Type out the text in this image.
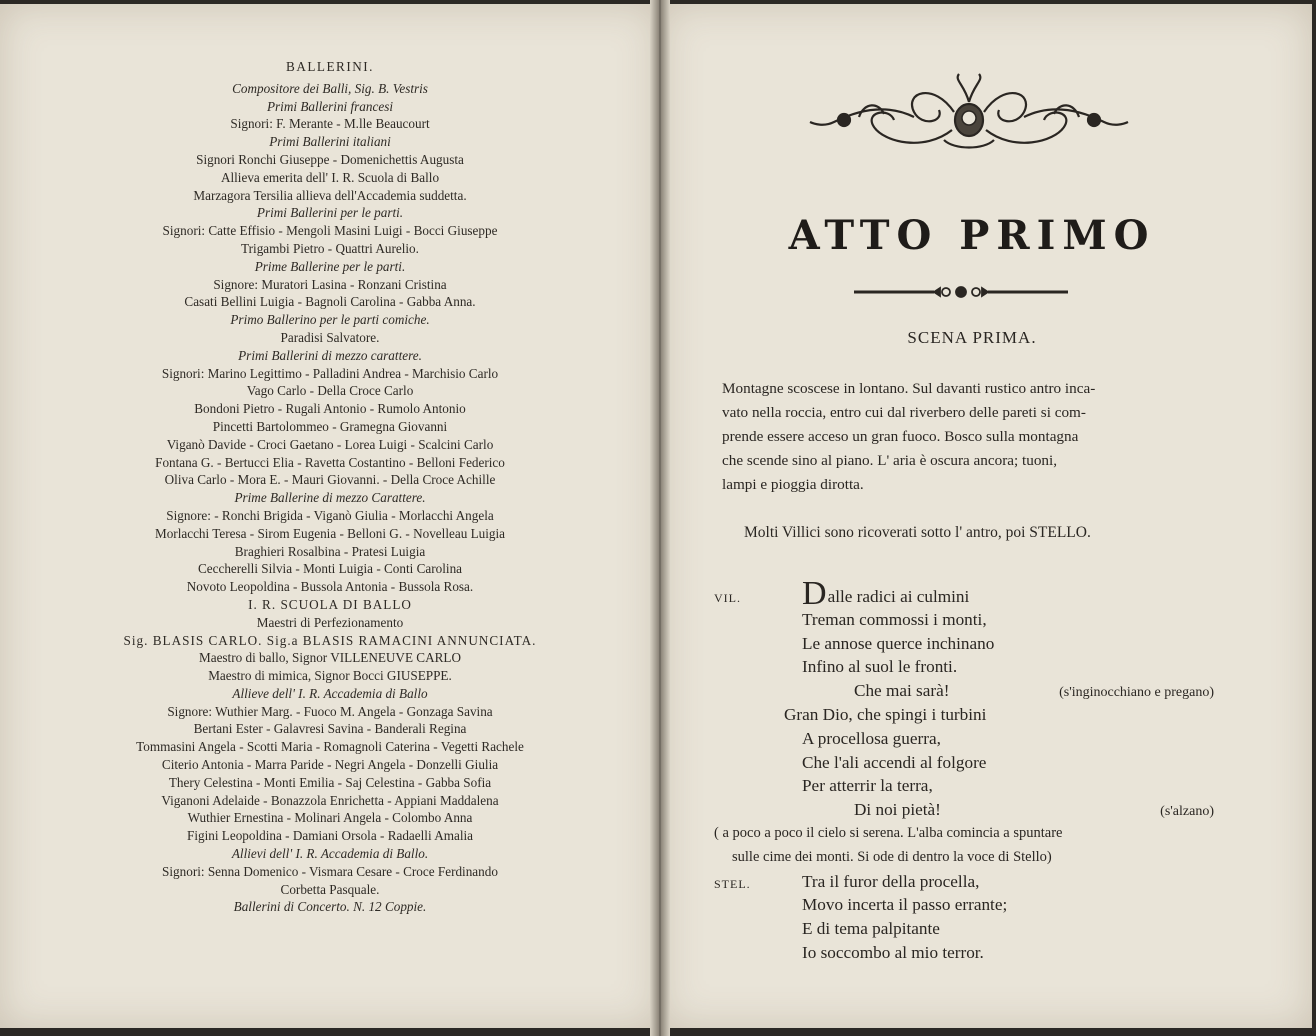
BALLERINI.
Compositore dei Balli, Sig. B. Vestris
Primi Ballerini francesi
Signori: F. Merante - M.lle Beaucourt
Primi Ballerini italiani
Signori Ronchi Giuseppe - Domenichettis Augusta
Allieva emerita dell' I. R. Scuola di Ballo
Marzagora Tersilia allieva dell'Accademia suddetta.
Primi Ballerini per le parti.
Signori: Catte Effisio - Mengoli Masini Luigi - Bocci Giuseppe
Trigambi Pietro - Quattri Aurelio.
Prime Ballerine per le parti.
Signore: Muratori Lasina - Ronzani Cristina
Casati Bellini Luigia - Bagnoli Carolina - Gabba Anna.
Primo Ballerino per le parti comiche.
Paradisi Salvatore.
Primi Ballerini di mezzo carattere.
Signori: Marino Legittimo - Palladini Andrea - Marchisio Carlo
Vago Carlo - Della Croce Carlo
Bondoni Pietro - Rugali Antonio - Rumolo Antonio
Pincetti Bartolommeo - Gramegna Giovanni
Viganò Davide - Croci Gaetano - Lorea Luigi - Scalcini Carlo
Fontana G. - Bertucci Elia - Ravetta Costantino - Belloni Federico
Oliva Carlo - Mora E. - Mauri Giovanni. - Della Croce Achille
Prime Ballerine di mezzo Carattere.
Signore: - Ronchi Brigida - Viganò Giulia - Morlacchi Angela
Morlacchi Teresa - Sirom Eugenia - Belloni G. - Novelleau Luigia
Braghieri Rosalbina - Pratesi Luigia
Ceccherelli Silvia - Monti Luigia - Conti Carolina
Novoto Leopoldina - Bussola Antonia - Bussola Rosa.
I. R. SCUOLA DI BALLO
Maestri di Perfezionamento
Sig. BLASIS CARLO. Sig.a BLASIS RAMACINI ANNUNCIATA.
Maestro di ballo, Signor VILLENEUVE CARLO
Maestro di mimica, Signor Bocci GIUSEPPE.
Allieve dell' I. R. Accademia di Ballo
Signore: Wuthier Marg. - Fuoco M. Angela - Gonzaga Savina
Bertani Ester - Galavresi Savina - Banderali Regina
Tommasini Angela - Scotti Maria - Romagnoli Caterina - Vegetti Rachele
Citerio Antonia - Marra Paride - Negri Angela - Donzelli Giulia
Thery Celestina - Monti Emilia - Saj Celestina - Gabba Sofia
Viganoni Adelaide - Bonazzola Enrichetta - Appiani Maddalena
Wuthier Ernestina - Molinari Angela - Colombo Anna
Figini Leopoldina - Damiani Orsola - Radaelli Amalia
Allievi dell' I. R. Accademia di Ballo.
Signori: Senna Domenico - Vismara Cesare - Croce Ferdinando
Corbetta Pasquale.
Ballerini di Concerto. N. 12 Coppie.
ATTO PRIMO
SCENA PRIMA.
Montagne scoscese in lontano. Sul davanti rustico antro inca-
vato nella roccia, entro cui dal riverbero delle pareti si com-
prende essere acceso un gran fuoco. Bosco sulla montagna
che scende sino al piano. L' aria è oscura ancora; tuoni,
lampi e pioggia dirotta.
Molti Villici sono ricoverati sotto l' antro, poi STELLO.
VIL. Dalle radici ai culmini
Treman commossi i monti,
Le annose querce inchinano
Infino al suol le fronti.
Che mai sarà!	(s'inginocchiano e pregano)
Gran Dio, che spingi i turbini
A procellosa guerra,
Che l'ali accendi al folgore
Per atterrir la terra,
Di noi pietà!	(s'alzano)
( a poco a poco il cielo si serena. L'alba comincia a spuntare
sulle cime dei monti. Si ode di dentro la voce di Stello)
STEL.	Tra il furor della procella,
Movo incerta il passo errante;
E di tema palpitante
Io soccombo al mio terror.
